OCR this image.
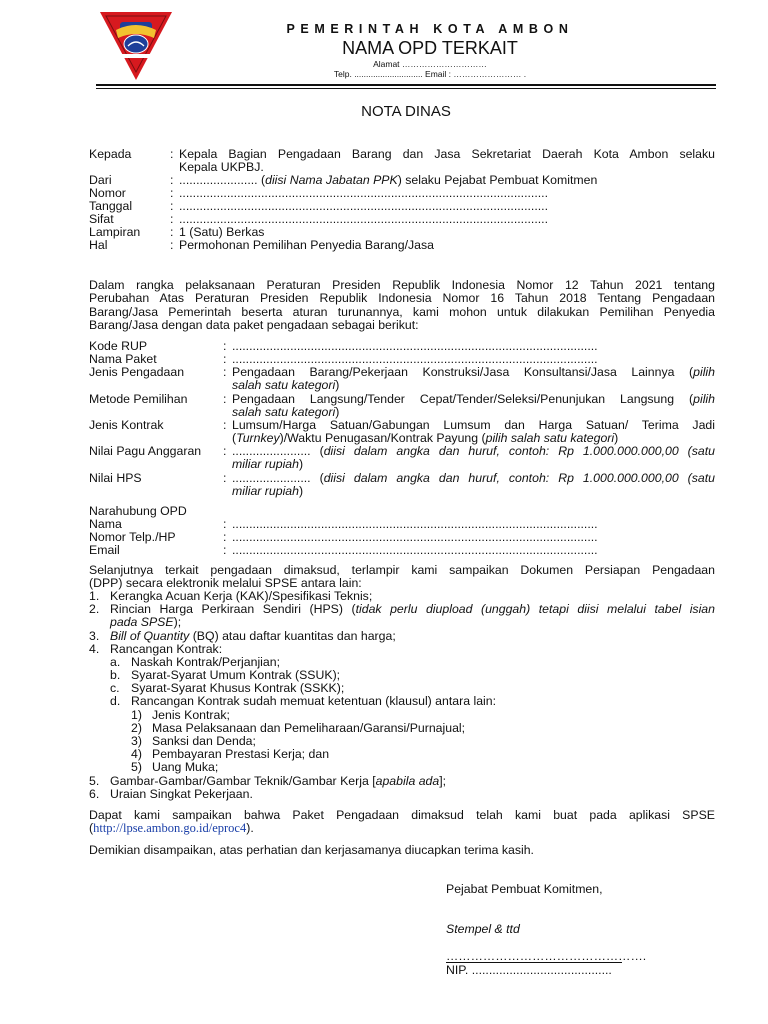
PEMERINTAH KOTA AMBON
NAMA OPD TERKAIT
Alamat …………………………
Telp. ............................. Email : …………………… .
NOTA DINAS
Kepada	: Kepala Bagian Pengadaan Barang dan Jasa Sekretariat Daerah Kota Ambon selaku
Kepala UKPBJ.
Dari	: ....................... (diisi Nama Jabatan PPK) selaku Pejabat Pembuat Komitmen
Nomor	: ............................................................................................................
Tanggal	: ............................................................................................................
Sifat	: ............................................................................................................
Lampiran : 1 (Satu) Berkas
Hal	: Permohonan Pemilihan Penyedia Barang/Jasa
Dalam rangka pelaksanaan Peraturan Presiden Republik Indonesia Nomor 12 Tahun 2021 tentang
Perubahan Atas Peraturan Presiden Republik Indonesia Nomor 16 Tahun 2018 Tentang Pengadaan
Barang/Jasa Pemerintah beserta aturan turunannya, kami mohon untuk dilakukan Pemilihan Penyedia
Barang/Jasa dengan data paket pengadaan sebagai berikut:
Kode RUP	: ...........................................................................................................
Nama Paket	: ...........................................................................................................
Jenis Pengadaan	: Pengadaan Barang/Pekerjaan Konstruksi/Jasa Konsultansi/Jasa Lainnya (pilih
salah satu kategori)
Metode Pemilihan	: Pengadaan Langsung/Tender Cepat/Tender/Seleksi/Penunjukan Langsung (pilih
salah satu kategori)
Jenis Kontrak	: Lumsum/Harga Satuan/Gabungan Lumsum dan Harga Satuan/ Terima Jadi
(Turnkey)/Waktu Penugasan/Kontrak Payung (pilih salah satu kategori)
Nilai Pagu Anggaran : ....................... (diisi dalam angka dan huruf, contoh: Rp 1.000.000.000,00 (satu
miliar rupiah)
Nilai HPS	: ....................... (diisi dalam angka dan huruf, contoh: Rp 1.000.000.000,00 (satu
miliar rupiah)
Narahubung OPD
Nama	: ...........................................................................................................
Nomor Telp./HP	: ...........................................................................................................
Email	: ...........................................................................................................
Selanjutnya terkait pengadaan dimaksud, terlampir kami sampaikan Dokumen Persiapan Pengadaan
(DPP) secara elektronik melalui SPSE antara lain:
1. Kerangka Acuan Kerja (KAK)/Spesifikasi Teknis;
2. Rincian Harga Perkiraan Sendiri (HPS) (tidak perlu diupload (unggah) tetapi diisi melalui tabel isian
pada SPSE);
3. Bill of Quantity (BQ) atau daftar kuantitas dan harga;
4. Rancangan Kontrak:
a. Naskah Kontrak/Perjanjian;
b. Syarat-Syarat Umum Kontrak (SSUK);
c. Syarat-Syarat Khusus Kontrak (SSKK);
d. Rancangan Kontrak sudah memuat ketentuan (klausul) antara lain:
1) Jenis Kontrak;
2) Masa Pelaksanaan dan Pemeliharaan/Garansi/Purnajual;
3) Sanksi dan Denda;
4) Pembayaran Prestasi Kerja; dan
5) Uang Muka;
5. Gambar-Gambar/Gambar Teknik/Gambar Kerja [apabila ada];
6. Uraian Singkat Pekerjaan.
Dapat kami sampaikan bahwa Paket Pengadaan dimaksud telah kami buat pada aplikasi SPSE
(http://lpse.ambon.go.id/eproc4).
Demikian disampaikan, atas perhatian dan kerjasamanya diucapkan terima kasih.
Pejabat Pembuat Komitmen,
Stempel & ttd
………………………………………….
NIP. .........................................
